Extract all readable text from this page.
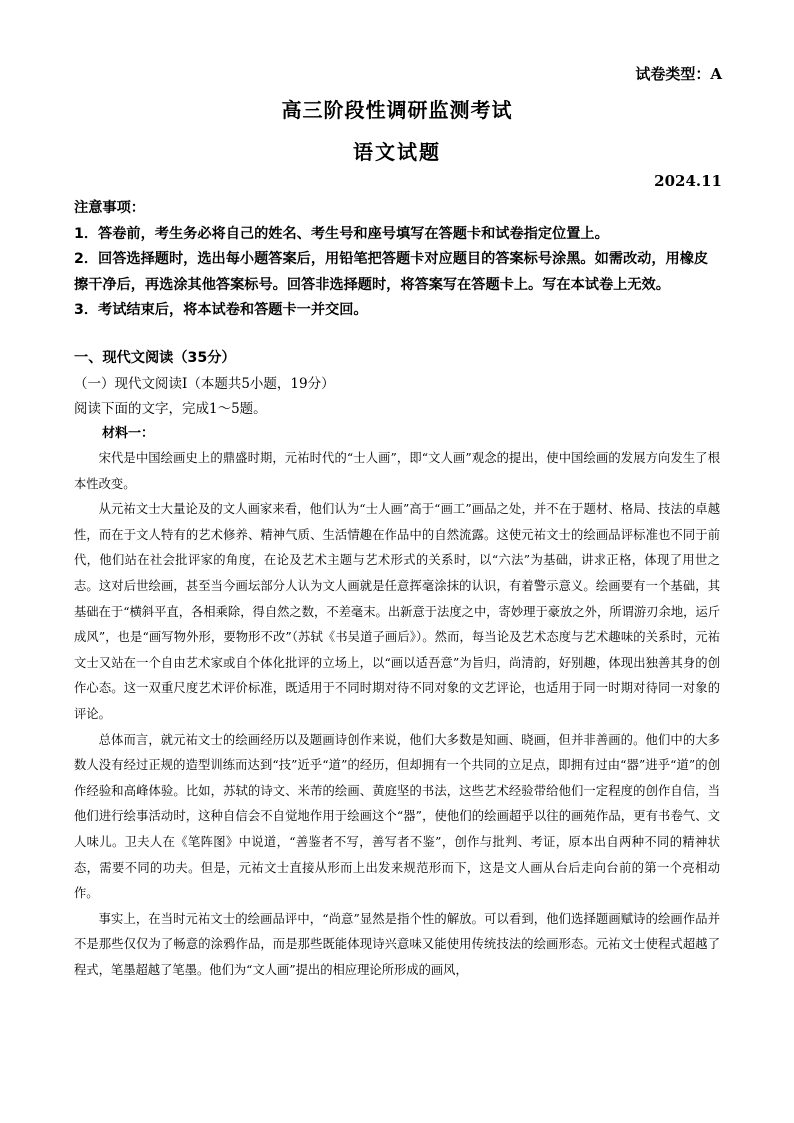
试卷类型：A
高三阶段性调研监测考试
语文试题
2024.11

注意事项：

1．答卷前，考生务必将自己的姓名、考生号和座号填写在答题卡和试卷指定位置上。

2．回答选择题时，选出每小题答案后，用铅笔把答题卡对应题目的答案标号涂黑。如需改动，用橡皮擦干净后，再选涂其他答案标号。回答非选择题时，将答案写在答题卡上。写在本试卷上无效。

3．考试结束后，将本试卷和答题卡一并交回。

一、现代文阅读（35分）
（一）现代文阅读Ⅰ（本题共5小题，19分）
阅读下面的文字，完成1～5题。
材料一：

宋代是中国绘画史上的鼎盛时期，元祐时代的“士人画”，即“文人画”观念的提出，使中国绘画的发展方向发生了根本性改变。

从元祐文士大量论及的文人画家来看，他们认为“士人画”高于“画工”画品之处，并不在于题材、格局、技法的卓越性，而在于文人特有的艺术修养、精神气质、生活情趣在作品中的自然流露。这使元祐文士的绘画品评标准也不同于前代，他们站在社会批评家的角度，在论及艺术主题与艺术形式的关系时，以“六法”为基础，讲求正格，体现了用世之志。这对后世绘画，甚至当今画坛部分人认为文人画就是任意挥毫涂抹的认识，有着警示意义。绘画要有一个基础，其基础在于“横斜平直，各相乘除，得自然之数，不差毫末。出新意于法度之中，寄妙理于豪放之外，所谓游刃余地，运斤成风”，也是“画写物外形，要物形不改”（苏轼《书吴道子画后》）。然而，每当论及艺术态度与艺术趣味的关系时，元祐文士又站在一个自由艺术家或自个体化批评的立场上，以“画以适吾意”为旨归，尚清韵，好别趣，体现出独善其身的创作心态。这一双重尺度艺术评价标准，既适用于不同时期对待不同对象的文艺评论，也适用于同一时期对待同一对象的评论。

总体而言，就元祐文士的绘画经历以及题画诗创作来说，他们大多数是知画、晓画，但并非善画的。他们中的大多数人没有经过正规的造型训练而达到“技”近乎“道”的经历，但却拥有一个共同的立足点，即拥有过由“器”进乎“道”的创作经验和高峰体验。比如，苏轼的诗文、米芾的绘画、黄庭坚的书法，这些艺术经验带给他们一定程度的创作自信，当他们进行绘事活动时，这种自信会不自觉地作用于绘画这个“器”，使他们的绘画超乎以往的画苑作品，更有书卷气、文人味儿。卫夫人在《笔阵图》中说道，“善鉴者不写，善写者不鉴”，创作与批判、考证，原本出自两种不同的精神状态，需要不同的功夫。但是，元祐文士直接从形而上出发来规范形而下，这是文人画从台后走向台前的第一个亮相动作。

事实上，在当时元祐文士的绘画品评中，“尚意”显然是指个性的解放。可以看到，他们选择题画赋诗的绘画作品并不是那些仅仅为了畅意的涂鸦作品，而是那些既能体现诗兴意味又能使用传统技法的绘画形态。元祐文士使程式超越了程式，笔墨超越了笔墨。他们为“文人画”提出的相应理论所形成的画风，
